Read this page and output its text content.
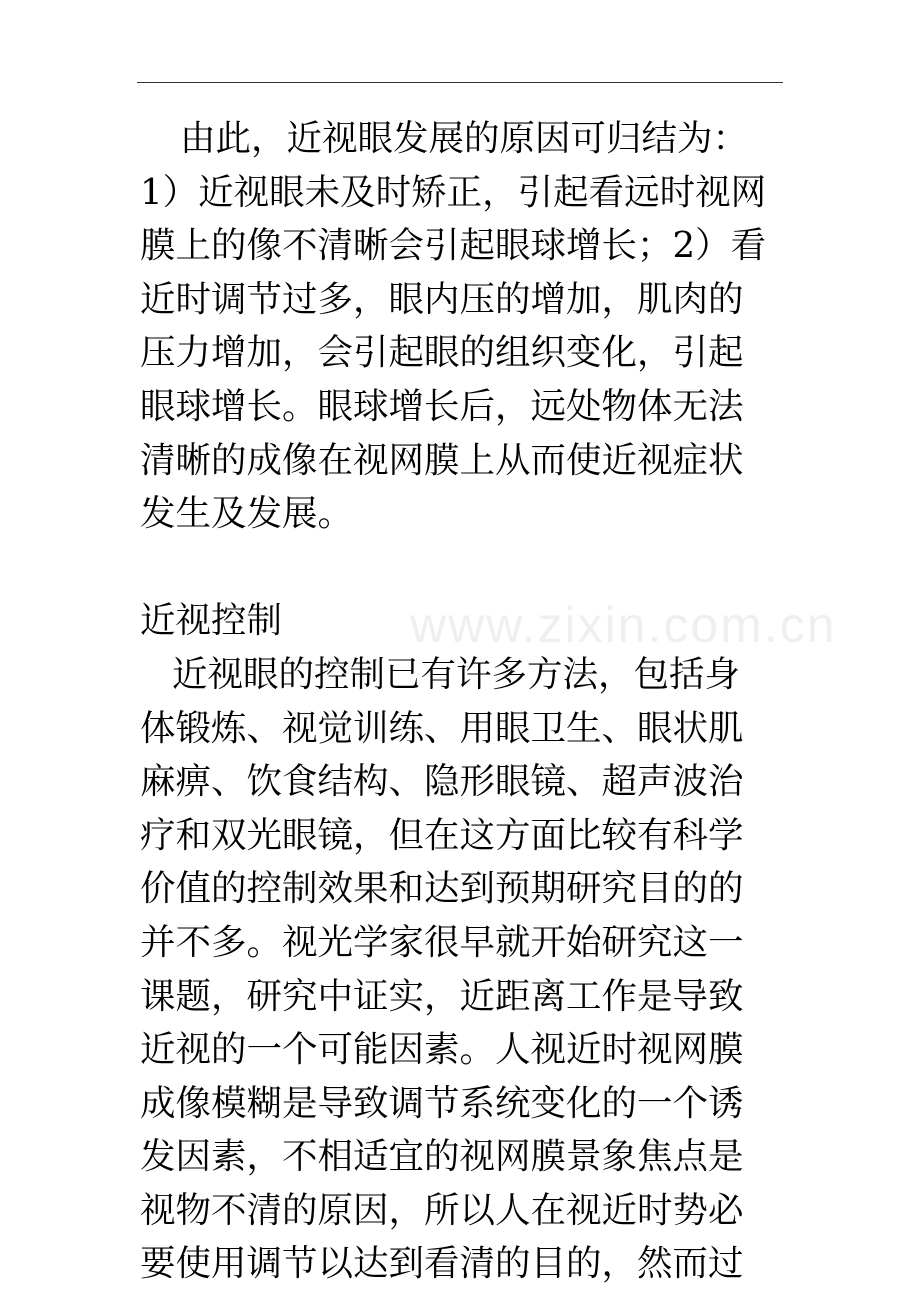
www.zixin.com.cn
由此，近视眼发展的原因可归结为：
1）近视眼未及时矫正，引起看远时视网
膜上的像不清晰会引起眼球增长；2）看
近时调节过多，眼内压的增加，肌肉的
压力增加，会引起眼的组织变化，引起
眼球增长。眼球增长后，远处物体无法
清晰的成像在视网膜上从而使近视症状
发生及发展。
近视控制
近视眼的控制已有许多方法，包括身
体锻炼、视觉训练、用眼卫生、眼状肌
麻痹、饮食结构、隐形眼镜、超声波治
疗和双光眼镜，但在这方面比较有科学
价值的控制效果和达到预期研究目的的
并不多。视光学家很早就开始研究这一
课题，研究中证实，近距离工作是导致
近视的一个可能因素。人视近时视网膜
成像模糊是导致调节系统变化的一个诱
发因素，不相适宜的视网膜景象焦点是
视物不清的原因，所以人在视近时势必
要使用调节以达到看清的目的，然而过
